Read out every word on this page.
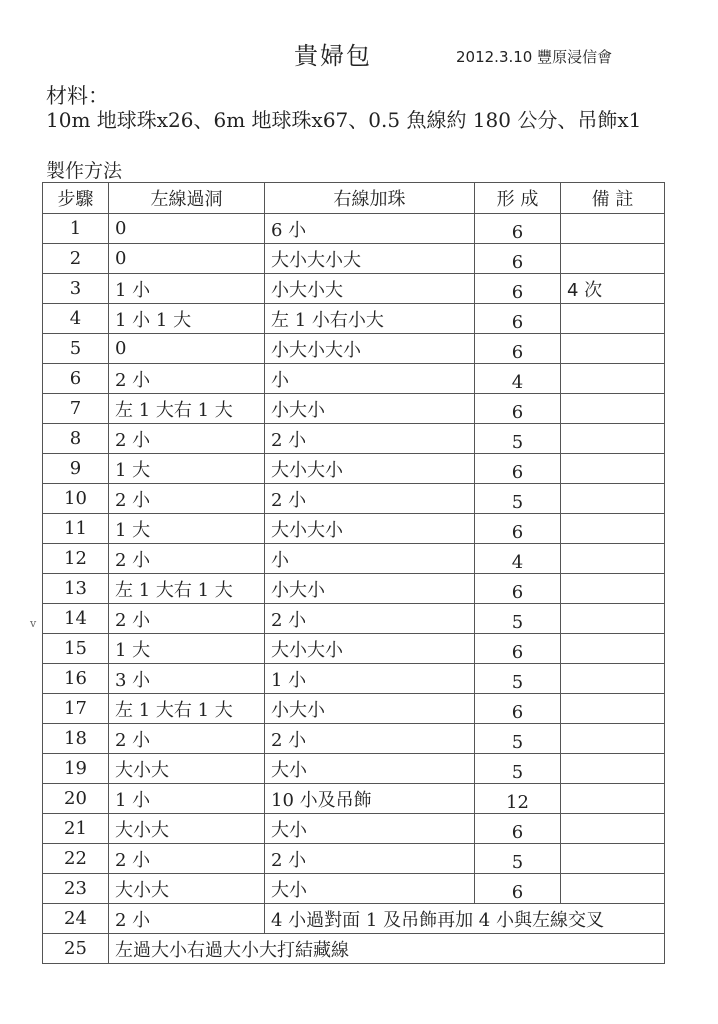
貴婦包	2012.3.10 豐原浸信會
材料：
10m 地球珠x26、6m 地球珠x67、0.5 魚線約 180 公分、吊飾x1
製作方法
v
步驟	左線過洞	右線加珠	形 成	備 註
1	0	6 小	6	
2	0	大小大小大	6	
3	1 小	小大小大	6	4 次
4	1 小 1 大	左 1 小右小大	6	
5	0	小大小大小	6	
6	2 小	小	4	
7	左 1 大右 1 大	小大小	6	
8	2 小	2 小	5	
9	1 大	大小大小	6	
10	2 小	2 小	5	
11	1 大	大小大小	6	
12	2 小	小	4	
13	左 1 大右 1 大	小大小	6	
14	2 小	2 小	5	
15	1 大	大小大小	6	
16	3 小	1 小	5	
17	左 1 大右 1 大	小大小	6	
18	2 小	2 小	5	
19	大小大	大小	5	
20	1 小	10 小及吊飾	12	
21	大小大	大小	6	
22	2 小	2 小	5	
23	大小大	大小	6	
24	2 小	4 小過對面 1 及吊飾再加 4 小與左線交叉		
25	左過大小右過大小大打結藏線			
